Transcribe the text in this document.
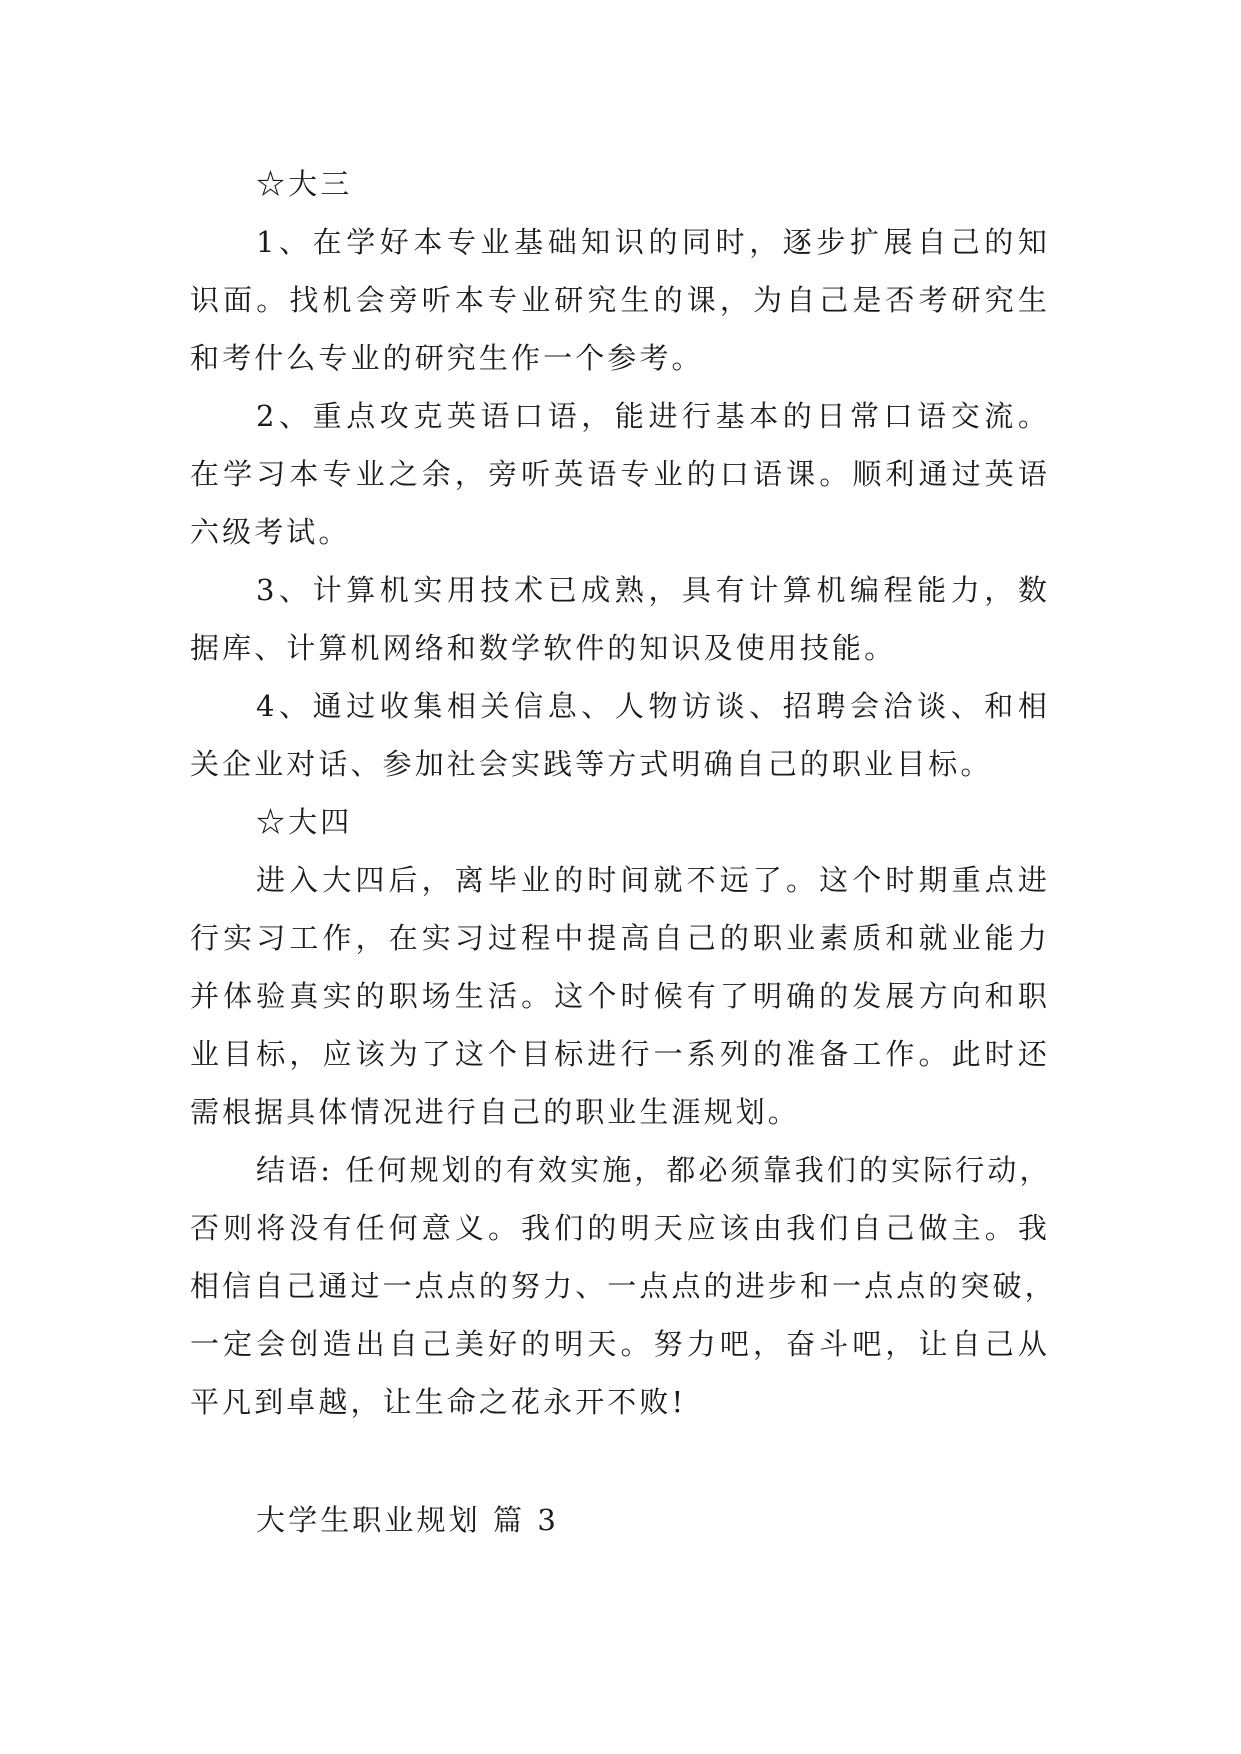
☆大三
1、在学好本专业基础知识的同时，逐步扩展自己的知
识面。找机会旁听本专业研究生的课，为自己是否考研究生
和考什么专业的研究生作一个参考。
2、重点攻克英语口语，能进行基本的日常口语交流。
在学习本专业之余，旁听英语专业的口语课。顺利通过英语
六级考试。
3、计算机实用技术已成熟，具有计算机编程能力，数
据库、计算机网络和数学软件的知识及使用技能。
4、通过收集相关信息、人物访谈、招聘会洽谈、和相
关企业对话、参加社会实践等方式明确自己的职业目标。
☆大四
进入大四后，离毕业的时间就不远了。这个时期重点进
行实习工作，在实习过程中提高自己的职业素质和就业能力
并体验真实的职场生活。这个时候有了明确的发展方向和职
业目标，应该为了这个目标进行一系列的准备工作。此时还
需根据具体情况进行自己的职业生涯规划。
结语: 任何规划的有效实施，都必须靠我们的实际行动，
否则将没有任何意义。我们的明天应该由我们自己做主。我
相信自己通过一点点的努力、一点点的进步和一点点的突破，
一定会创造出自己美好的明天。努力吧，奋斗吧，让自己从
平凡到卓越，让生命之花永开不败!
大学生职业规划 篇 3
